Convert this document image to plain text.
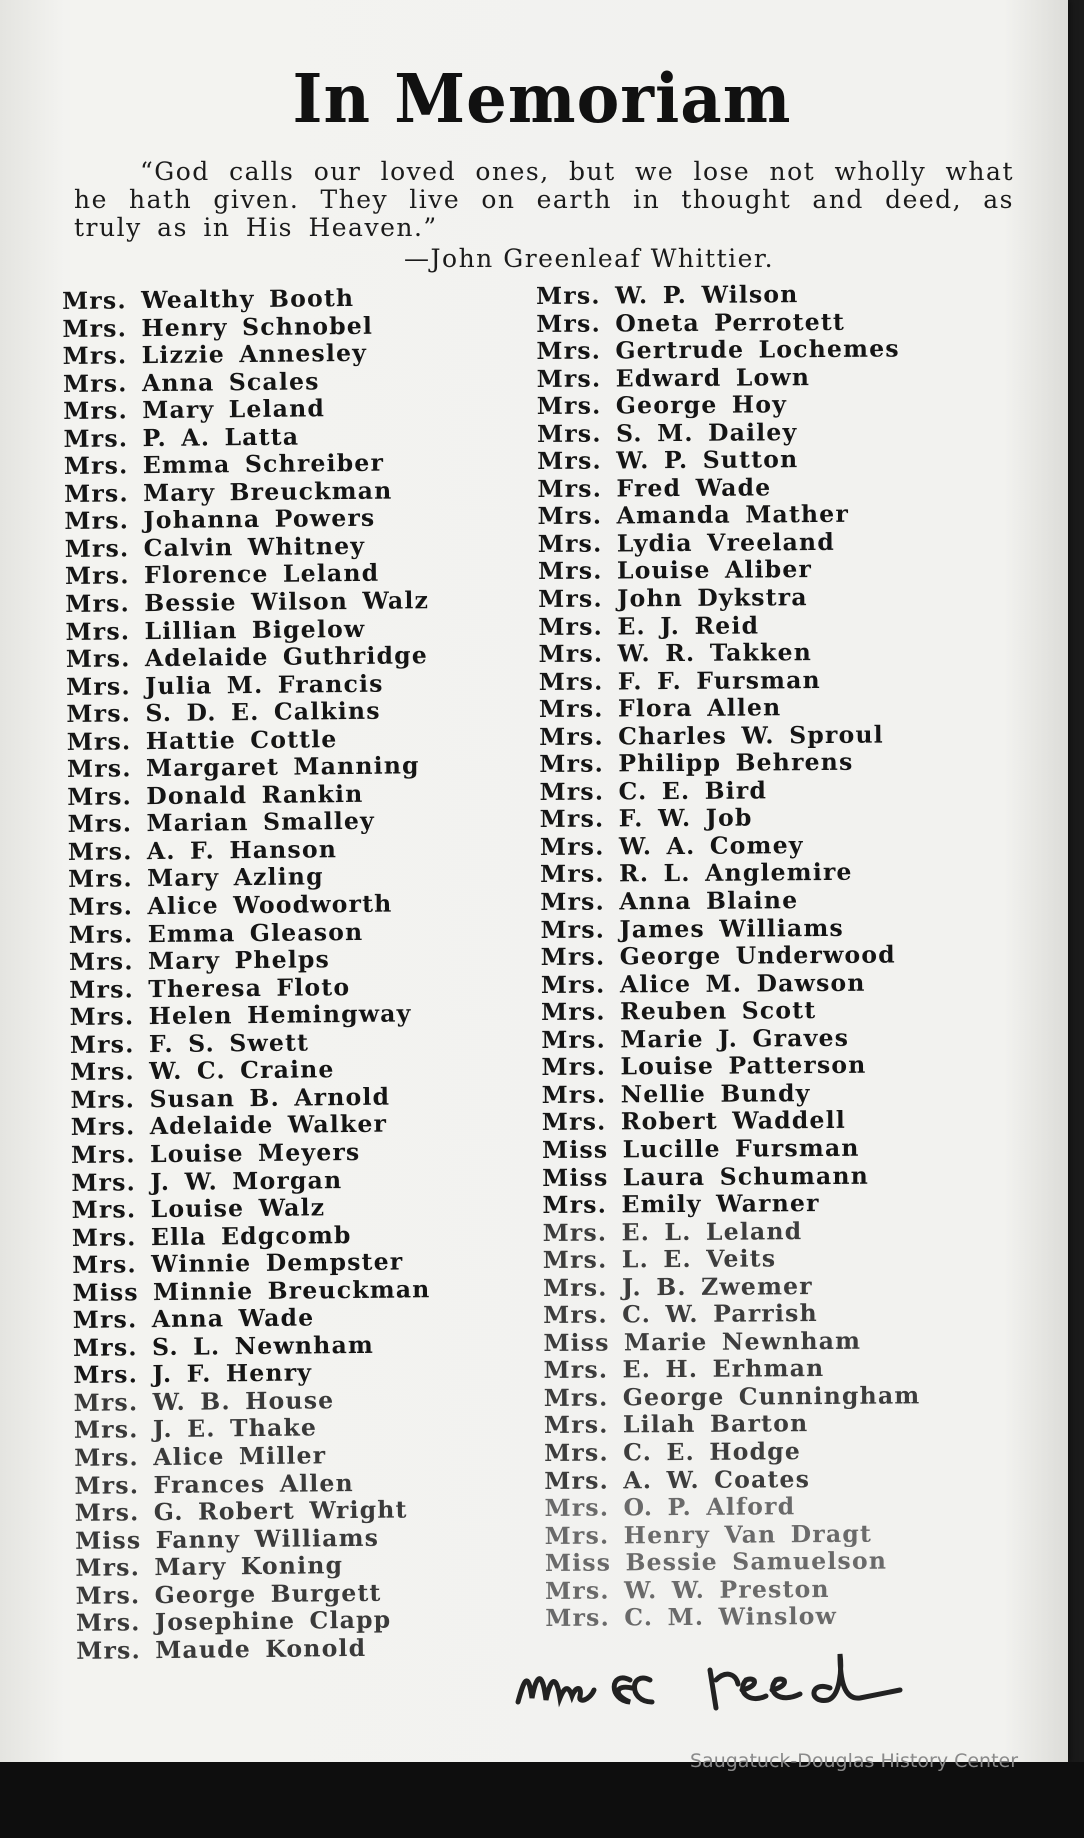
In Memoriam

“God calls our loved ones, but we lose not wholly what he hath given. They live on earth in thought and deed, as truly as in His Heaven.”

—John Greenleaf Whittier.
Mrs. Wealthy Booth
Mrs. Henry Schnobel
Mrs. Lizzie Annesley
Mrs. Anna Scales
Mrs. Mary Leland
Mrs. P. A. Latta
Mrs. Emma Schreiber
Mrs. Mary Breuckman
Mrs. Johanna Powers
Mrs. Calvin Whitney
Mrs. Florence Leland
Mrs. Bessie Wilson Walz
Mrs. Lillian Bigelow
Mrs. Adelaide Guthridge
Mrs. Julia M. Francis
Mrs. S. D. E. Calkins
Mrs. Hattie Cottle
Mrs. Margaret Manning
Mrs. Donald Rankin
Mrs. Marian Smalley
Mrs. A. F. Hanson
Mrs. Mary Azling
Mrs. Alice Woodworth
Mrs. Emma Gleason
Mrs. Mary Phelps
Mrs. Theresa Floto
Mrs. Helen Hemingway
Mrs. F. S. Swett
Mrs. W. C. Craine
Mrs. Susan B. Arnold
Mrs. Adelaide Walker
Mrs. Louise Meyers
Mrs. J. W. Morgan
Mrs. Louise Walz
Mrs. Ella Edgcomb
Mrs. Winnie Dempster
Miss Minnie Breuckman
Mrs. Anna Wade
Mrs. S. L. Newnham
Mrs. J. F. Henry
Mrs. W. B. House
Mrs. J. E. Thake
Mrs. Alice Miller
Mrs. Frances Allen
Mrs. G. Robert Wright
Miss Fanny Williams
Mrs. Mary Koning
Mrs. George Burgett
Mrs. Josephine Clapp
Mrs. Maude Konold
Mrs. W. P. Wilson
Mrs. Oneta Perrotett
Mrs. Gertrude Lochemes
Mrs. Edward Lown
Mrs. George Hoy
Mrs. S. M. Dailey
Mrs. W. P. Sutton
Mrs. Fred Wade
Mrs. Amanda Mather
Mrs. Lydia Vreeland
Mrs. Louise Aliber
Mrs. John Dykstra
Mrs. E. J. Reid
Mrs. W. R. Takken
Mrs. F. F. Fursman
Mrs. Flora Allen
Mrs. Charles W. Sproul
Mrs. Philipp Behrens
Mrs. C. E. Bird
Mrs. F. W. Job
Mrs. W. A. Comey
Mrs. R. L. Anglemire
Mrs. Anna Blaine
Mrs. James Williams
Mrs. George Underwood
Mrs. Alice M. Dawson
Mrs. Reuben Scott
Mrs. Marie J. Graves
Mrs. Louise Patterson
Mrs. Nellie Bundy
Mrs. Robert Waddell
Miss Lucille Fursman
Miss Laura Schumann
Mrs. Emily Warner
Mrs. E. L. Leland
Mrs. L. E. Veits
Mrs. J. B. Zwemer
Mrs. C. W. Parrish
Miss Marie Newnham
Mrs. E. H. Erhman
Mrs. George Cunningham
Mrs. Lilah Barton
Mrs. C. E. Hodge
Mrs. A. W. Coates
Mrs. O. P. Alford
Mrs. Henry Van Dragt
Miss Bessie Samuelson
Mrs. W. W. Preston
Mrs. C. M. Winslow
Mrs E E Reed
Saugatuck-Douglas History Center
